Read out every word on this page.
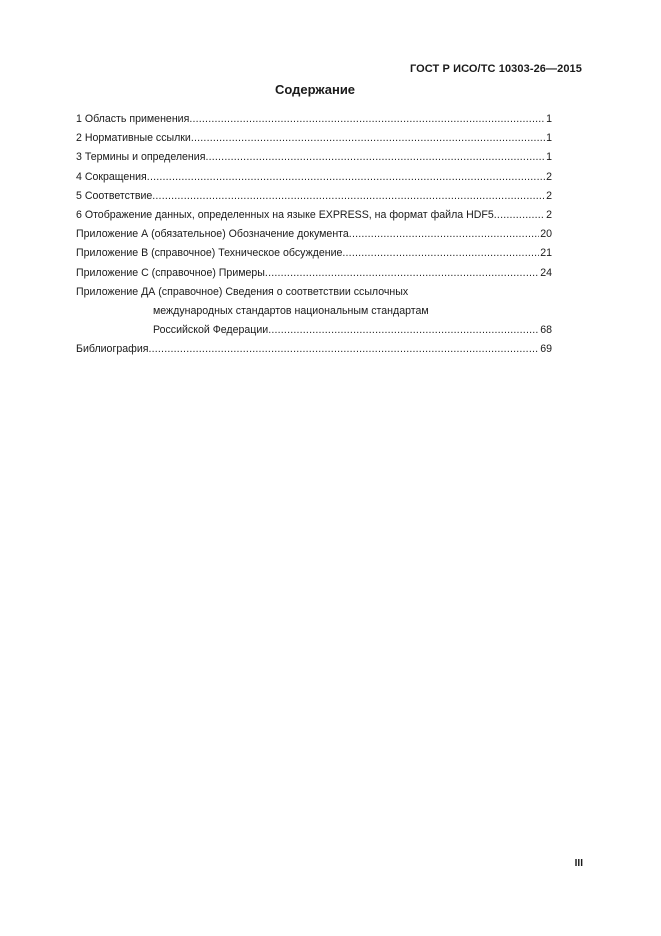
ГОСТ Р ИСО/ТС 10303-26—2015
Содержание
1 Область применения .....	1
2 Нормативные ссылки .....	1
3 Термины и определения .....	1
4 Сокращения .....	2
5 Соответствие .....	2
6 Отображение данных, определенных на языке EXPRESS, на формат файла HDF5 .....	2
Приложение А (обязательное) Обозначение документа .....	20
Приложение В (справочное) Техническое обсуждение .....	21
Приложение С (справочное) Примеры .....	24
Приложение ДА (справочное) Сведения о соответствии ссылочных
международных стандартов национальным стандартам
Российской Федерации .....	68
Библиография .....	69
III
